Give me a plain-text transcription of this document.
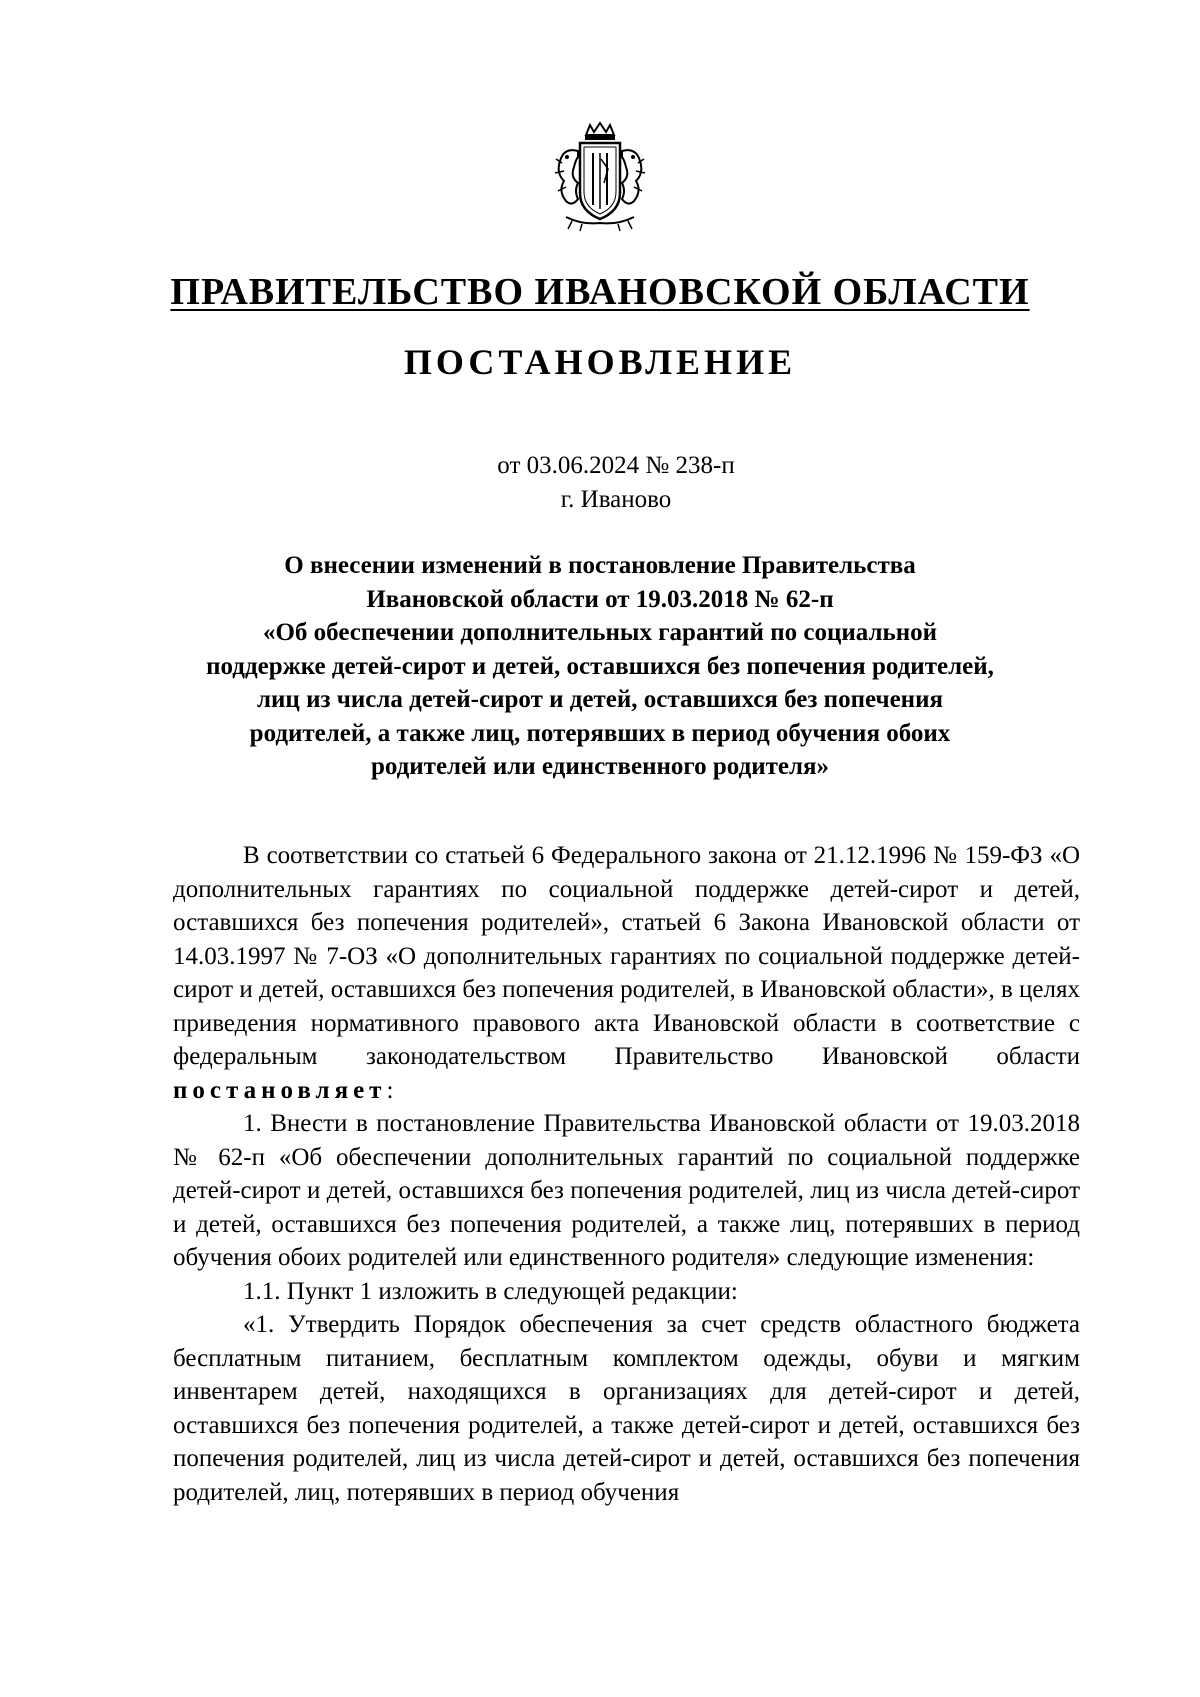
ПРАВИТЕЛЬСТВО ИВАНОВСКОЙ ОБЛАСТИ
ПОСТАНОВЛЕНИЕ
от 03.06.2024 № 238-п
г. Иваново
О внесении изменений в постановление Правительства
Ивановской области от 19.03.2018 № 62-п
«Об обеспечении дополнительных гарантий по социальной
поддержке детей-сирот и детей, оставшихся без попечения родителей,
лиц из числа детей-сирот и детей, оставшихся без попечения
родителей, а также лиц, потерявших в период обучения обоих
родителей или единственного родителя»

В соответствии со статьей 6 Федерального закона от 21.12.1996 № 159-ФЗ «О дополнительных гарантиях по социальной поддержке детей-сирот и детей, оставшихся без попечения родителей», статьей 6 Закона Ивановской области от 14.03.1997 № 7-ОЗ «О дополнительных гарантиях по социальной поддержке детей-сирот и детей, оставшихся без попечения родителей, в Ивановской области», в целях приведения нормативного правового акта Ивановской области в соответствие с федеральным законодательством Правительство Ивановской области постановляет:

1. Внести в постановление Правительства Ивановской области от 19.03.2018 № 62-п «Об обеспечении дополнительных гарантий по социальной поддержке детей-сирот и детей, оставшихся без попечения родителей, лиц из числа детей-сирот и детей, оставшихся без попечения родителей, а также лиц, потерявших в период обучения обоих родителей или единственного родителя» следующие изменения:

1.1. Пункт 1 изложить в следующей редакции:

«1. Утвердить Порядок обеспечения за счет средств областного бюджета бесплатным питанием, бесплатным комплектом одежды, обуви и мягким инвентарем детей, находящихся в организациях для детей-сирот и детей, оставшихся без попечения родителей, а также детей-сирот и детей, оставшихся без попечения родителей, лиц из числа детей-сирот и детей, оставшихся без попечения родителей, лиц, потерявших в период обучения
